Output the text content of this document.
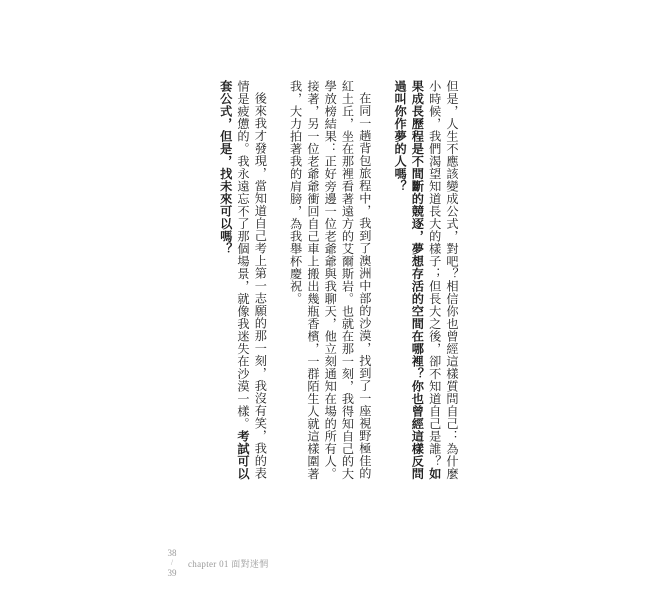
但是，人生不應該變成公式，對吧？相信你也曾經這樣質問自己：為什麼小時候，我們渴望知道長大的樣子；但長大之後，卻不知道自己是誰？如果成長歷程是不間斷的競逐，夢想存活的空間在哪裡？你也曾經這樣反問過叫你作夢的人嗎？

在同一趟背包旅程中，我到了澳洲中部的沙漠，找到了一座視野極佳的紅土丘，坐在那裡看著遠方的艾爾斯岩。也就在那一刻，我得知自己的大學放榜結果：正好旁邊一位老爺爺與我聊天，他立刻通知在場的所有人。接著，另一位老爺爺衝回自己車上搬出幾瓶香檳，一群陌生人就這樣圍著我，大力拍著我的肩膀，為我舉杯慶祝。

後來我才發現，當知道自己考上第一志願的那一刻，我沒有笑，我的表情是疲憊的。我永遠忘不了那個場景，就像我迷失在沙漠一樣。考試可以套公式，但是，找未來可以嗎？

38
/
39
chapter 01 面對迷惘
